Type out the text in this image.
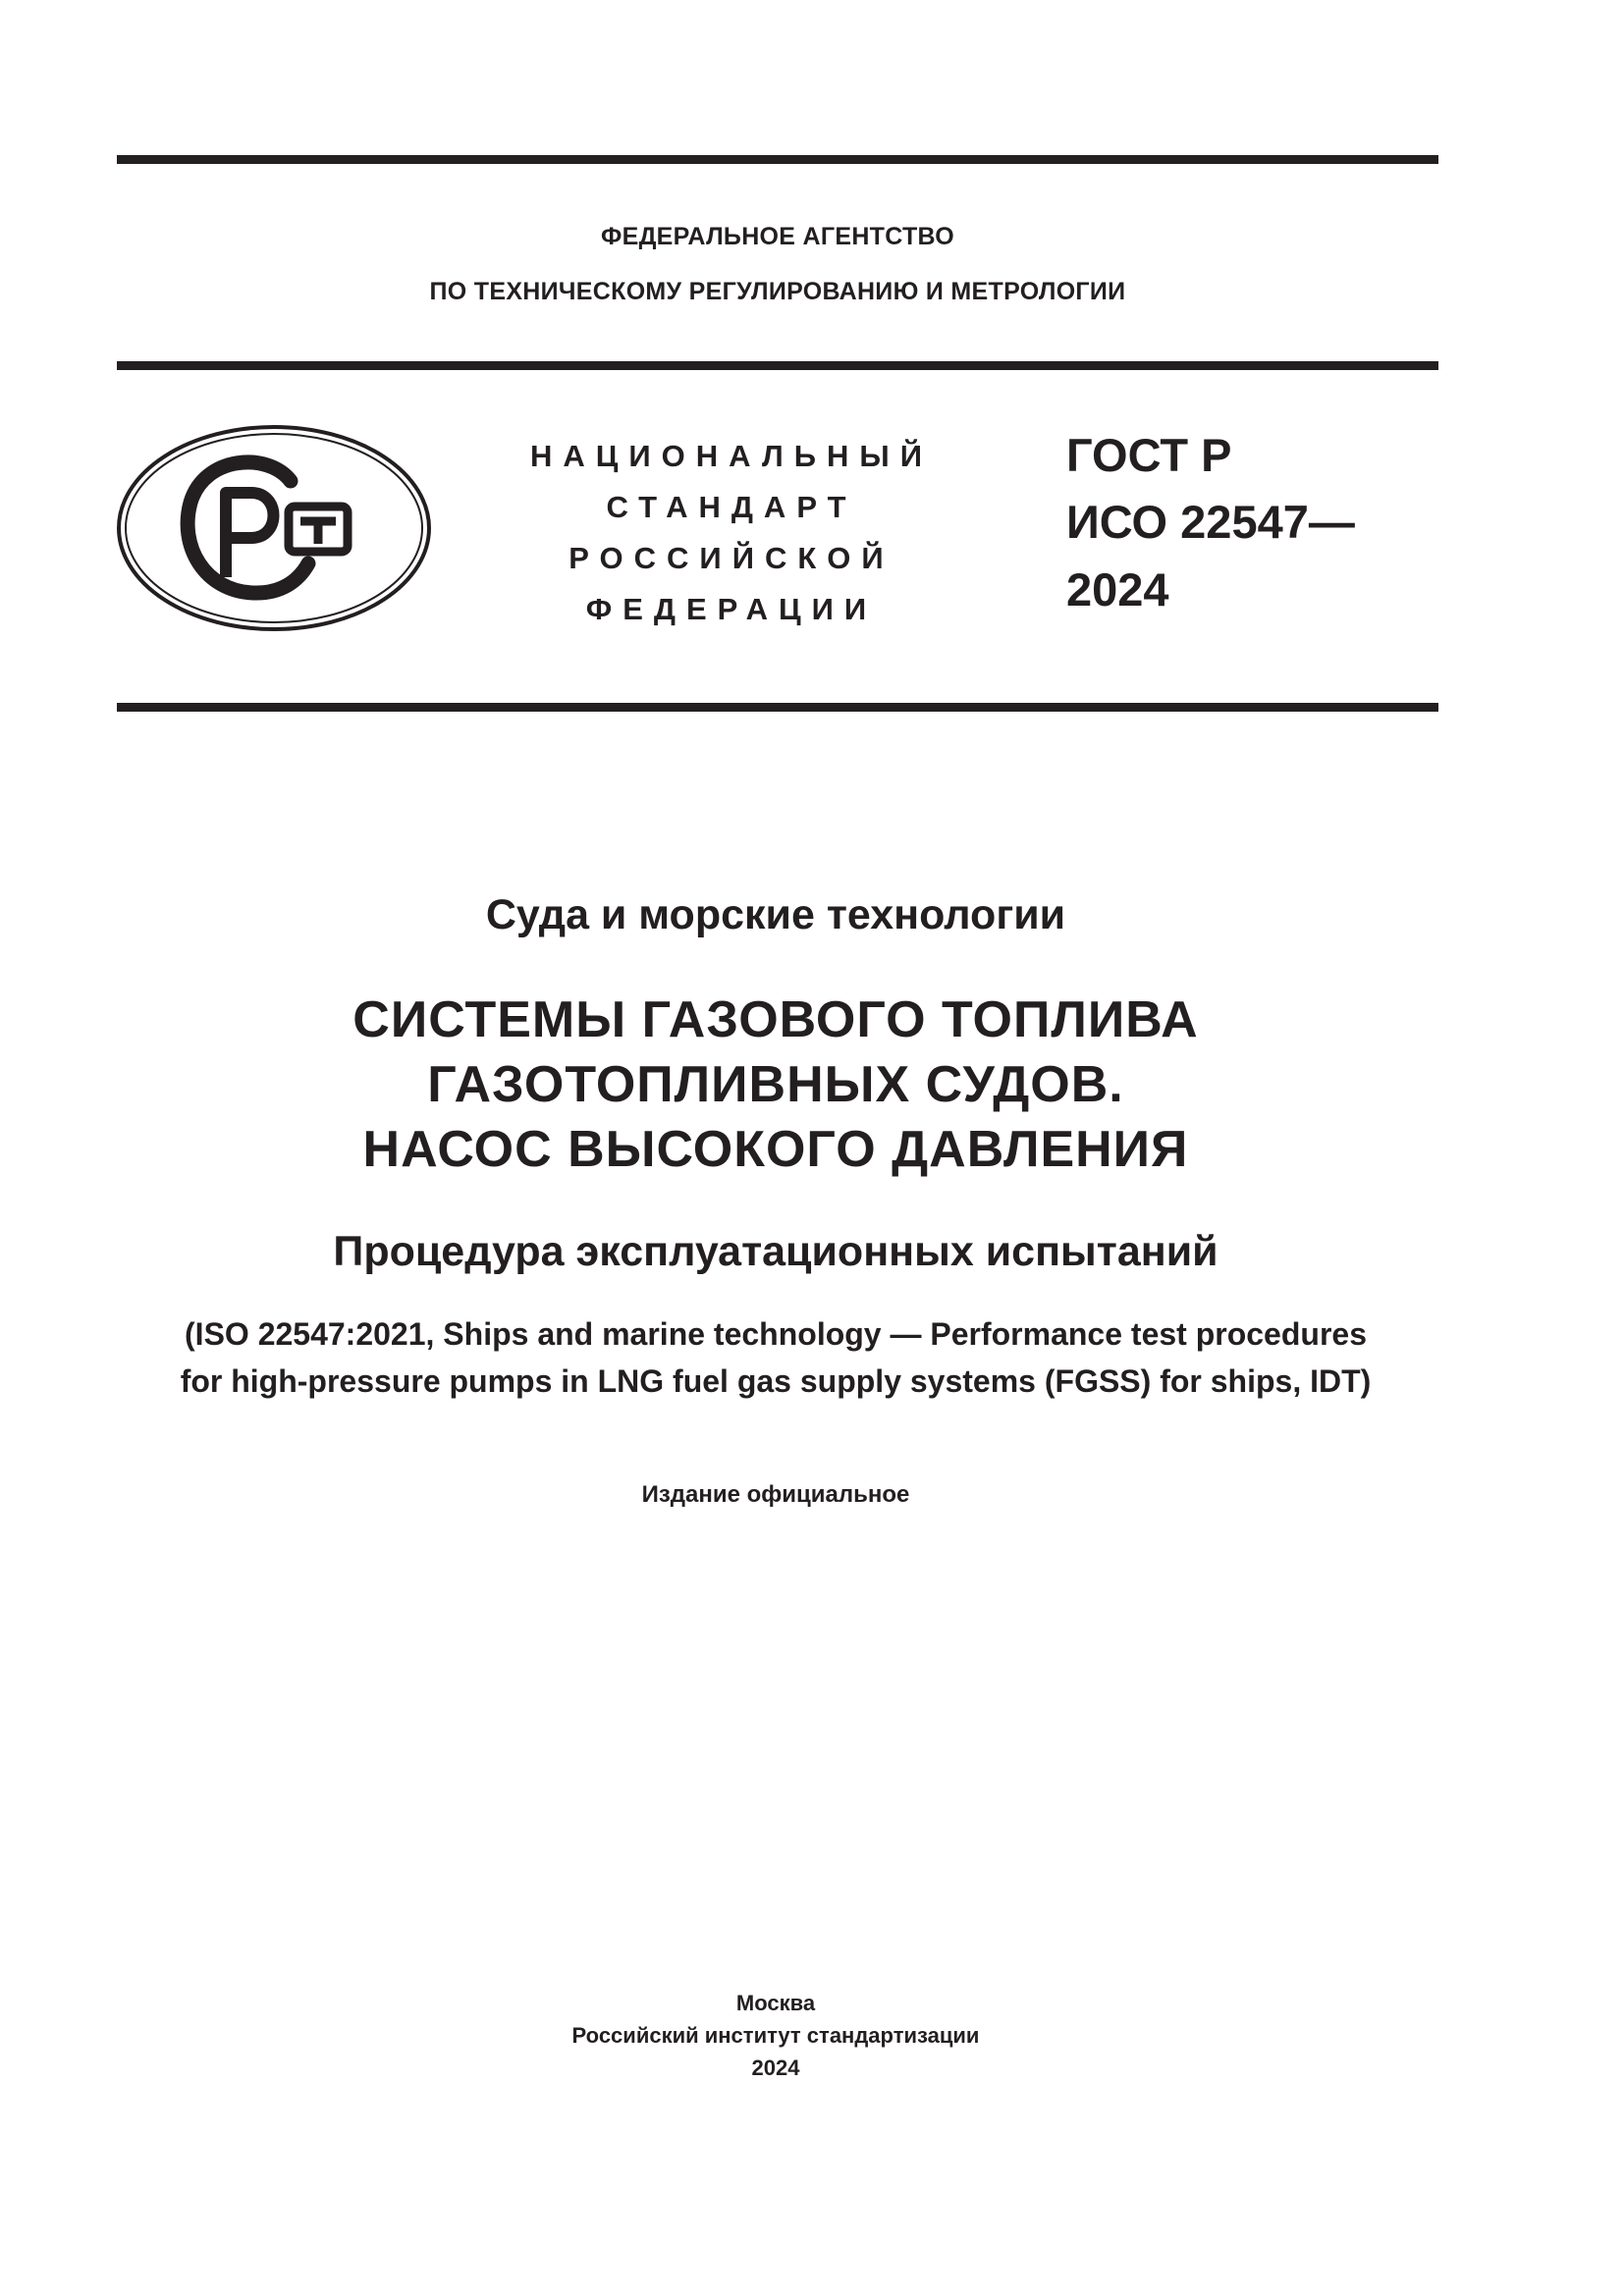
ФЕДЕРАЛЬНОЕ АГЕНТСТВО
ПО ТЕХНИЧЕСКОМУ РЕГУЛИРОВАНИЮ И МЕТРОЛОГИИ
НАЦИОНАЛЬНЫЙ
СТАНДАРТ
РОССИЙСКОЙ
ФЕДЕРАЦИИ
ГОСТ Р
ИСО 22547—
2024
Суда и морские технологии
СИСТЕМЫ ГАЗОВОГО ТОПЛИВА
ГАЗОТОПЛИВНЫХ СУДОВ.
НАСОС ВЫСОКОГО ДАВЛЕНИЯ
Процедура эксплуатационных испытаний
(ISO 22547:2021, Ships and marine technology — Performance test procedures
for high-pressure pumps in LNG fuel gas supply systems (FGSS) for ships, IDT)
Издание официальное
Москва
Российский институт стандартизации
2024
